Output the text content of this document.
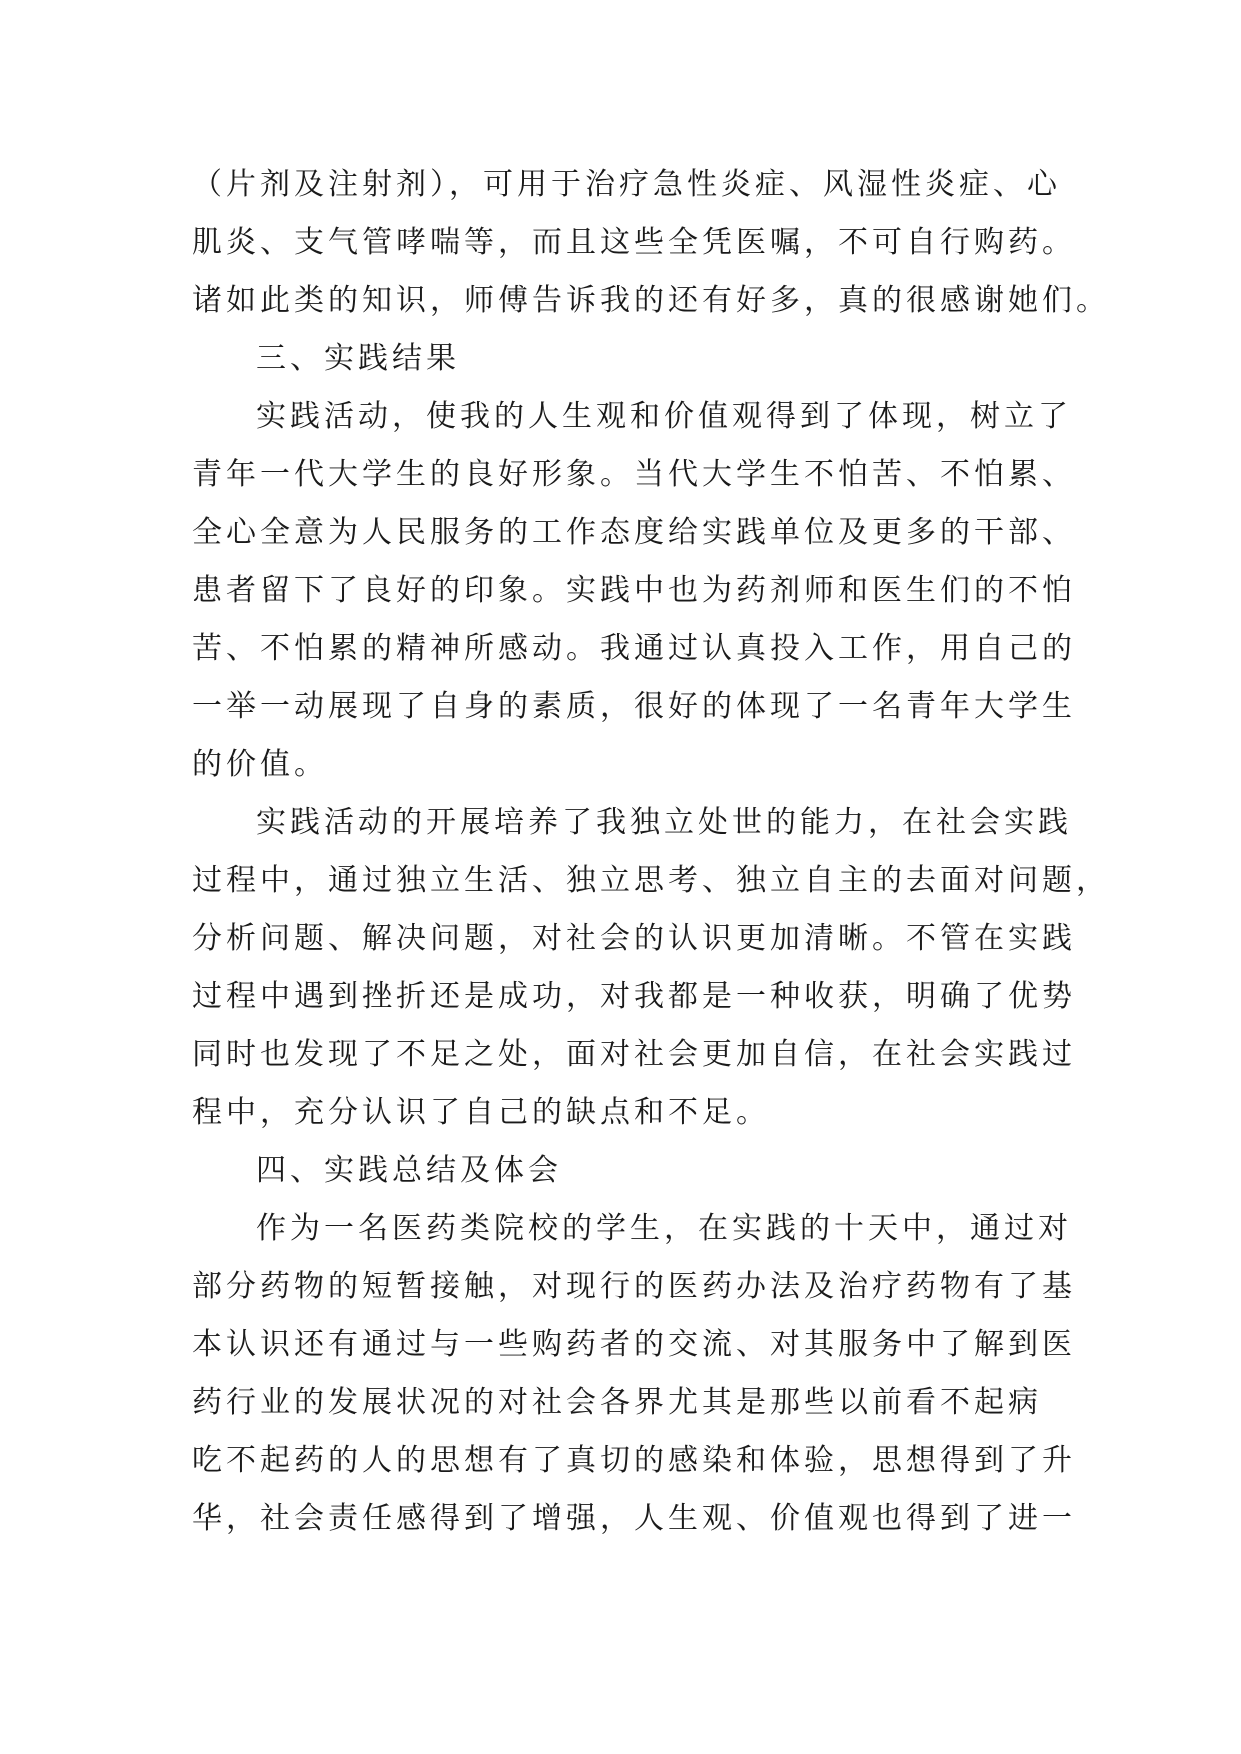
（片剂及注射剂），可用于治疗急性炎症、风湿性炎症、心
肌炎、支气管哮喘等，而且这些全凭医嘱，不可自行购药。
诸如此类的知识，师傅告诉我的还有好多，真的很感谢她们。
三、实践结果
实践活动，使我的人生观和价值观得到了体现，树立了
青年一代大学生的良好形象。当代大学生不怕苦、不怕累、
全心全意为人民服务的工作态度给实践单位及更多的干部、
患者留下了良好的印象。实践中也为药剂师和医生们的不怕
苦、不怕累的精神所感动。我通过认真投入工作，用自己的
一举一动展现了自身的素质，很好的体现了一名青年大学生
的价值。
实践活动的开展培养了我独立处世的能力，在社会实践
过程中，通过独立生活、独立思考、独立自主的去面对问题，
分析问题、解决问题，对社会的认识更加清晰。不管在实践
过程中遇到挫折还是成功，对我都是一种收获，明确了优势
同时也发现了不足之处，面对社会更加自信，在社会实践过
程中，充分认识了自己的缺点和不足。
四、实践总结及体会
作为一名医药类院校的学生，在实践的十天中，通过对
部分药物的短暂接触，对现行的医药办法及治疗药物有了基
本认识还有通过与一些购药者的交流、对其服务中了解到医
药行业的发展状况的对社会各界尤其是那些以前看不起病
吃不起药的人的思想有了真切的感染和体验，思想得到了升
华，社会责任感得到了增强，人生观、价值观也得到了进一
